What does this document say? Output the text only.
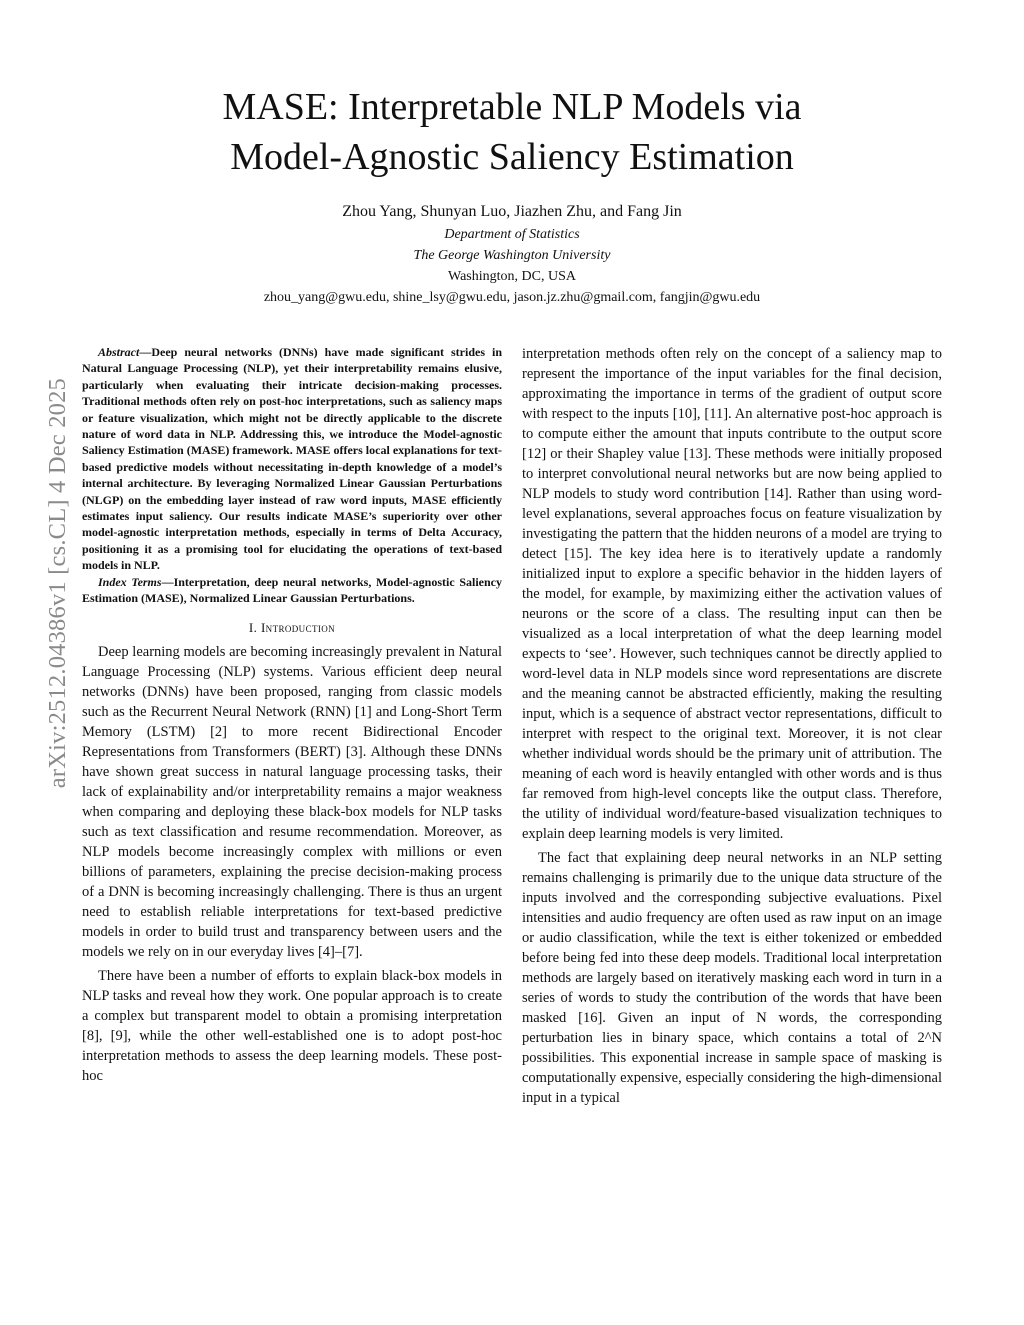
arXiv:2512.04386v1 [cs.CL] 4 Dec 2025
MASE: Interpretable NLP Models via
Model-Agnostic Saliency Estimation
Zhou Yang, Shunyan Luo, Jiazhen Zhu, and Fang Jin
Department of Statistics
The George Washington University
Washington, DC, USA
zhou_yang@gwu.edu, shine_lsy@gwu.edu, jason.jz.zhu@gmail.com, fangjin@gwu.edu

Abstract—Deep neural networks (DNNs) have made significant strides in Natural Language Processing (NLP), yet their interpretability remains elusive, particularly when evaluating their intricate decision-making processes. Traditional methods often rely on post-hoc interpretations, such as saliency maps or feature visualization, which might not be directly applicable to the discrete nature of word data in NLP. Addressing this, we introduce the Model-agnostic Saliency Estimation (MASE) framework. MASE offers local explanations for text-based predictive models without necessitating in-depth knowledge of a model’s internal architecture. By leveraging Normalized Linear Gaussian Perturbations (NLGP) on the embedding layer instead of raw word inputs, MASE efficiently estimates input saliency. Our results indicate MASE’s superiority over other model-agnostic interpretation methods, especially in terms of Delta Accuracy, positioning it as a promising tool for elucidating the operations of text-based models in NLP.

Index Terms—Interpretation, deep neural networks, Model-agnostic Saliency Estimation (MASE), Normalized Linear Gaussian Perturbations.

I. Introduction

Deep learning models are becoming increasingly prevalent in Natural Language Processing (NLP) systems. Various efficient deep neural networks (DNNs) have been proposed, ranging from classic models such as the Recurrent Neural Network (RNN) [1] and Long-Short Term Memory (LSTM) [2] to more recent Bidirectional Encoder Representations from Transformers (BERT) [3]. Although these DNNs have shown great success in natural language processing tasks, their lack of explainability and/or interpretability remains a major weakness when comparing and deploying these black-box models for NLP tasks such as text classification and resume recommendation. Moreover, as NLP models become increasingly complex with millions or even billions of parameters, explaining the precise decision-making process of a DNN is becoming increasingly challenging. There is thus an urgent need to establish reliable interpretations for text-based predictive models in order to build trust and transparency between users and the models we rely on in our everyday lives [4]–[7].

There have been a number of efforts to explain black-box models in NLP tasks and reveal how they work. One popular approach is to create a complex but transparent model to obtain a promising interpretation [8], [9], while the other well-established one is to adopt post-hoc interpretation methods to assess the deep learning models. These post-hoc

interpretation methods often rely on the concept of a saliency map to represent the importance of the input variables for the final decision, approximating the importance in terms of the gradient of output score with respect to the inputs [10], [11]. An alternative post-hoc approach is to compute either the amount that inputs contribute to the output score [12] or their Shapley value [13]. These methods were initially proposed to interpret convolutional neural networks but are now being applied to NLP models to study word contribution [14]. Rather than using word-level explanations, several approaches focus on feature visualization by investigating the pattern that the hidden neurons of a model are trying to detect [15]. The key idea here is to iteratively update a randomly initialized input to explore a specific behavior in the hidden layers of the model, for example, by maximizing either the activation values of neurons or the score of a class. The resulting input can then be visualized as a local interpretation of what the deep learning model expects to ‘see’. However, such techniques cannot be directly applied to word-level data in NLP models since word representations are discrete and the meaning cannot be abstracted efficiently, making the resulting input, which is a sequence of abstract vector representations, difficult to interpret with respect to the original text. Moreover, it is not clear whether individual words should be the primary unit of attribution. The meaning of each word is heavily entangled with other words and is thus far removed from high-level concepts like the output class. Therefore, the utility of individual word/feature-based visualization techniques to explain deep learning models is very limited.

The fact that explaining deep neural networks in an NLP setting remains challenging is primarily due to the unique data structure of the inputs involved and the corresponding subjective evaluations. Pixel intensities and audio frequency are often used as raw input on an image or audio classification, while the text is either tokenized or embedded before being fed into these deep models. Traditional local interpretation methods are largely based on iteratively masking each word in turn in a series of words to study the contribution of the words that have been masked [16]. Given an input of N words, the corresponding perturbation lies in binary space, which contains a total of 2^N possibilities. This exponential increase in sample space of masking is computationally expensive, especially considering the high-dimensional input in a typical
